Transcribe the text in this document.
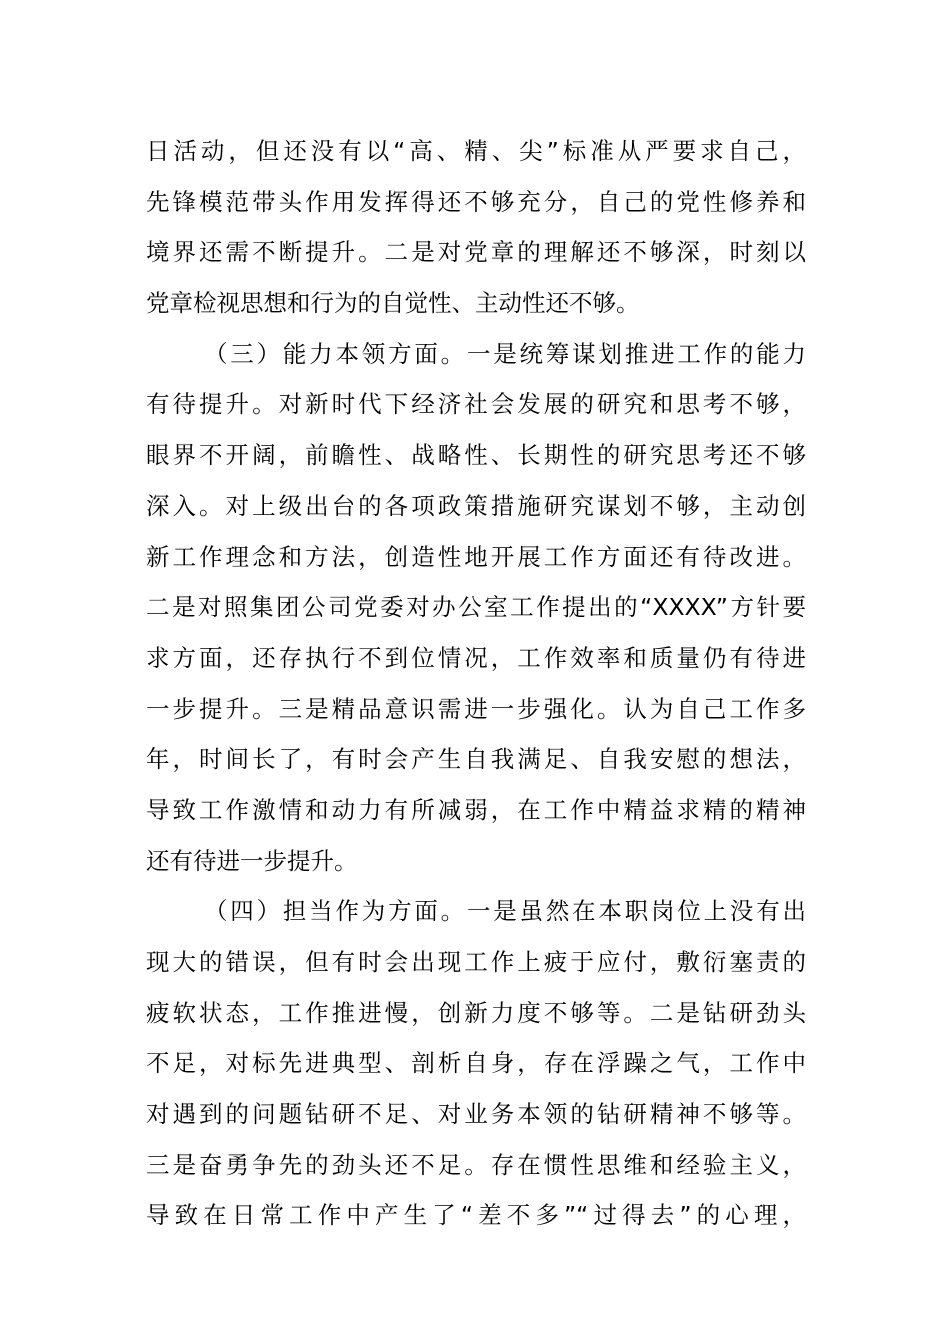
日活动，但还没有以“高、精、尖”标准从严要求自己，
先锋模范带头作用发挥得还不够充分，自己的党性修养和
境界还需不断提升。二是对党章的理解还不够深，时刻以
党章检视思想和行为的自觉性、主动性还不够。
（三）能力本领方面。一是统筹谋划推进工作的能力
有待提升。对新时代下经济社会发展的研究和思考不够，
眼界不开阔，前瞻性、战略性、长期性的研究思考还不够
深入。对上级出台的各项政策措施研究谋划不够，主动创
新工作理念和方法，创造性地开展工作方面还有待改进。
二是对照集团公司党委对办公室工作提出的“XXXX”方针要
求方面，还存执行不到位情况，工作效率和质量仍有待进
一步提升。三是精品意识需进一步强化。认为自己工作多
年，时间长了，有时会产生自我满足、自我安慰的想法，
导致工作激情和动力有所减弱，在工作中精益求精的精神
还有待进一步提升。
（四）担当作为方面。一是虽然在本职岗位上没有出
现大的错误，但有时会出现工作上疲于应付，敷衍塞责的
疲软状态，工作推进慢，创新力度不够等。二是钻研劲头
不足，对标先进典型、剖析自身，存在浮躁之气，工作中
对遇到的问题钻研不足、对业务本领的钻研精神不够等。
三是奋勇争先的劲头还不足。存在惯性思维和经验主义，
导致在日常工作中产生了“差不多”“过得去”的心理，
